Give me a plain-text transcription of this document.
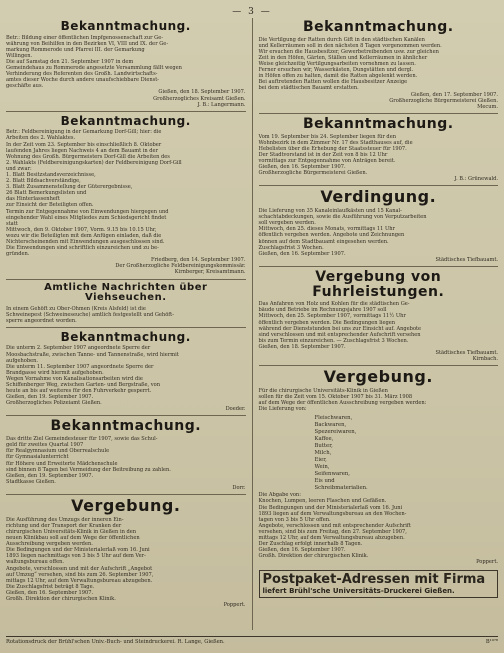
— 3 —
Bekanntmachung.
Betr.: Bildung einer öffentlichen Impfgenossenschaft zur Ge-
währung von Beihilfen in den Bezirken VI, VIII und IX. der Ge-
markung Rommerode und Pfarrei III. der Gemarkung
Willingen.
Die auf Samstag den 21. September 1907 in dem
Gemeindehaus zu Rommerode angesetzte Versammlung fällt wegen
Verhinderung des Referenten des Großh. Landwirtschafts-
amtes dieser Woche durch andere unaufschiebbare Dienst-
geschäfte aus.
Gießen, den 18. September 1907.
Großherzogliches Kreisamt Gießen.
J. B.: Langermann.
Bekanntmachung.
Betr.: Feldbereinigung in der Gemarkung Dorf-Gill; hier: die
Arbeiten des 2. Wahlaktes.
In der Zeit vom 23. September bis einschließlich 8. Oktober
laufenden Jahres liegen Nachweis 4 an dem Bauamt in der
Wohnung des Großh. Bürgermeisters Dorf-Gill die Arbeiten des
2. Wahlakts (Feldbereinigungskarten) der Feldbereinigung Dorf-Gill
und zwar:
1. Blatt Besitzstandsverzeichnisse,
2. Blatt Bildsachverständige,
3. Blatt Zusammenstellung der Güterergebnisse,
26 Blatt Bemerkungslisten und
das Hinterlassenheft
zur Einsicht der Beteiligten offen.
Termin zur Entgegennahme von Einwendungen hiergegen und
eingehender Wahl eines Mitgliedes zum Schiedsgericht findet
statt
Mittwoch, den 9. Oktober 1907, Vorm. 9.15 bis 10.15 Uhr,
wozu wir die Beteiligten mit dem Anfügen einladen, daß die
Nichterscheinenden mit Einwendungen ausgeschlossen sind.
Die Einwendungen sind schriftlich einzureichen und zu be-
gründen.
Friedberg, den 14. September 1907.
Der Großherzogliche Feldbereinigungskommissär.
Kirnberger, Kreisamtmann.
Amtliche Nachrichten über Viehseuchen.
In einem Gehöft zu Ober-Ohmen (Kreis Alsfeld) ist die
Schweinepest (Schweineseuche) amtlich festgestellt und Gehöft-
sperre angeordnet worden.
Bekanntmachung.
Die unterm 2. September 1907 angeordnete Sperre der
Moosbachstraße, zwischen Tanne- und Tannenstraße, wird hiermit
aufgehoben.
Die unterm 11. September 1907 angeordnete Sperre der
Brandgasse wird hiermit aufgehoben.
Wegen Vornahme von Kanalisationsarbeiten wird die
Schiffenberger Weg, zwischen Garten- und Bergstraße, von
heute an bis auf weiteres für den Fuhrverkehr gesperrt.
Gießen, den 19. September 1907.
Großherzogliches Polizeiamt Gießen.
Doeder.
Bekanntmachung.
Das dritte Ziel Gemeindesteuer für 1907, sowie das Schul-
geld für zweites Quartal 1907
für Realgymnasium und Oberrealschule
für Gymnasialunterricht
für Höhere und Erweiterte Mädchenschule
sind binnen 8 Tagen bei Vermeidung der Beitreibung zu zahlen.
Gießen, den 19. September 1907.
Stadtkasse Gießen.
Dorr.
Vergebung.
Die Ausführung des Umzugs der inneren Ein-
richtung und der Transport der Kranken der
chirurgischen Universitäts-Klinik in Gießen in den
neuen Klinikbau soll auf dem Wege der öffentlichen
Ausschreibung vergeben werden.
Die Bedingungen und der Ministerialerlaß vom 16. Juni
1893 liegen nachmittags von 3 bis 5 Uhr auf dem Ver-
waltungsbureau offen.
Angebote, verschlossen und mit der Aufschrift „Angebot
auf Umzug“ versehen, sind bis zum 26. September 1907,
mittags 12 Uhr, auf dem Verwaltungsbureau abzugeben.
Die Zuschlagsfrist beträgt 8 Tage.
Gießen, den 16. September 1907.
Großh. Direktion der chirurgischen Klinik.
Poppert.
Bekanntmachung.
Die Vertilgung der Ratten durch Gift in den städtischen Kanälen
und Kellerräumen soll in den nächsten 8 Tagen vorgenommen werden.
Wir ersuchen die Hausbesitzer, Gewerbetreibenden usw. zur gleichen
Zeit in den Höfen, Gärten, Ställen und Kellerräumen in ähnlicher
Weise gleichzeitig Vertilgungsarbeiten vornehmen zu lassen.
Ferner ersuchen wir, Wasserkästen, Dungstätten und dergl.
in Höfen offen zu halten, damit die Ratten abgelenkt werden.
Bei auftretenden Ratten wollen die Hausbesitzer Anzeige
bei dem städtischen Bauamt erstatten.
Gießen, den 17. September 1907.
Großherzogliche Bürgermeisterei Gießen.
Mecum.
Bekanntmachung.
Vom 19. September bis 24. September liegen für den
Wohnbezirk in dem Zimmer Nr. 17 des Stadthauses auf, die
Hebelisten über die Erhebung der Staatssteuer für 1907.
Der Stadtvorstand ist in der Zeit von 8 bis 12 Uhr
vormittags zur Entgegennahme von Anträgen bereit.
Gießen, den 16. September 1907.
Großherzogliche Bürgermeisterei Gießen.
J. B.: Grünewald.
Verdingung.
Die Lieferung von 35 Kanaleinlaufkästen und 15 Kanal-
schachtabdeckungen, sowie die Ausführung von Verputzarbeiten
soll vergeben werden.
Mittwoch, den 25. dieses Monats, vormittags 11 Uhr
öffentlich vergeben werden. Angebote und Zeichnungen
können auf dem Stadtbauamt eingesehen werden.
Zuschlagsfrist 3 Wochen.
Gießen, den 16. September 1907.
Städtisches Tiefbauamt.
Vergebung von Fuhrleistungen.
Das Anfahren von Holz und Kohlen für die städtischen Ge-
bäude und Betriebe im Rechnungsjahre 1907 soll
Mittwoch, den 25. September 1907, vormittags 11½ Uhr
öffentlich vergeben werden. Die Bedingungen liegen
während der Dienststunden bei uns zur Einsicht auf. Angebote
sind verschlossen und mit entsprechender Aufschrift versehen
bis zum Termin einzureichen. — Zuschlagsfrist 3 Wochen.
Gießen, den 18. September 1907.
Städtisches Tiefbauamt.
Kirnbach.
Vergebung.
Für die chirurgische Universitäts-Klinik in Gießen
sollen für die Zeit vom 15. Oktober 1907 bis 31. März 1908
auf dem Wege der öffentlichen Ausschreibung vergeben werden:
Die Lieferung von:
Fleischwaren,
Backwaren,
Spezereiwaren,
Kaffee,
Butter,
Milch,
Eier,
Wein,
Seifenwaren,
Eis und
Schreibmaterialien.
Die Abgabe von:
Knochen, Lumpen, leeren Flaschen und Gefäßen.
Die Bedingungen und der Ministerialerlaß vom 16. Juni
1893 liegen auf dem Verwaltungsbureau an den Wochen-
tagen von 3 bis 5 Uhr offen.
Angebote, verschlossen und mit entsprechender Aufschrift
versehen, sind bis zum Freitag, den 27. September 1907,
mittags 12 Uhr, auf dem Verwaltungsbureau abzugeben.
Der Zuschlag erfolgt innerhalb 8 Tagen.
Gießen, den 16. September 1907.
Großh. Direktion der chirurgischen Klinik.
Poppert.
Postpaket-Adressen mit Firma
liefert Brühl'sche Universitäts-Druckerei Gießen.
Rotationsdruck der Brühl'schen Univ.-Buch- und Steindruckerei. R. Lange, Gießen.	B¹⁹⁷⁸
